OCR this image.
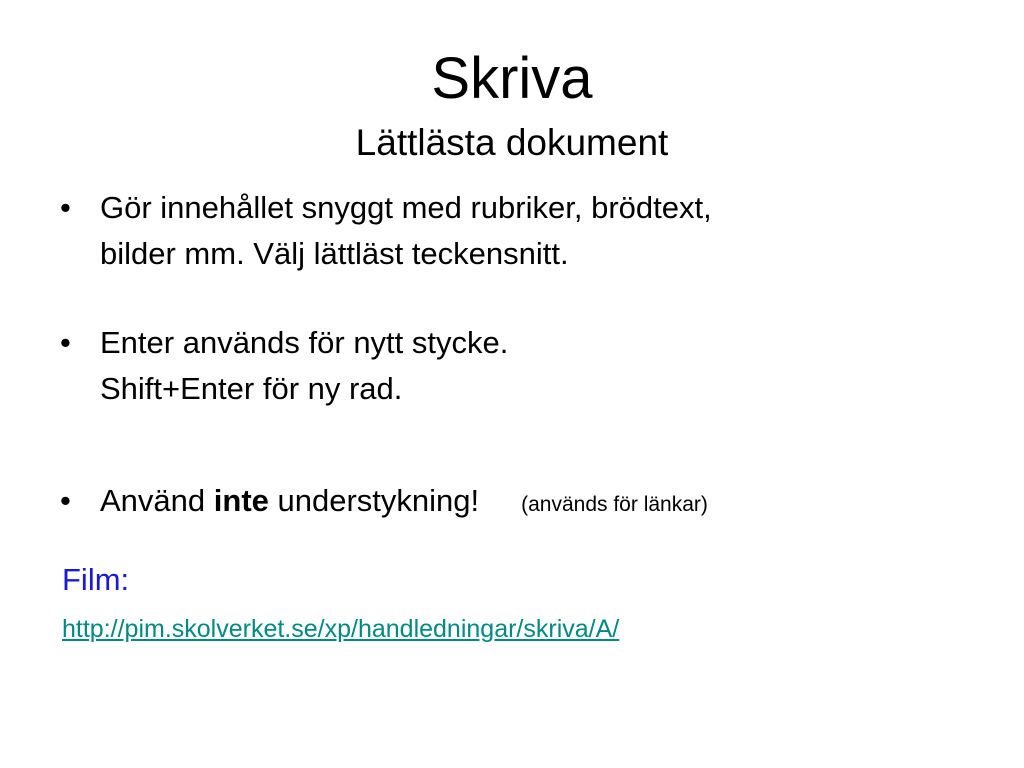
Skriva
Lättlästa dokument
• Gör innehållet snyggt med rubriker, brödtext,
bilder mm. Välj lättläst teckensnitt.
• Enter används för nytt stycke.
Shift+Enter för ny rad.
• Använd inte understykning! (används för länkar)
Film:
http://pim.skolverket.se/xp/handledningar/skriva/A/
